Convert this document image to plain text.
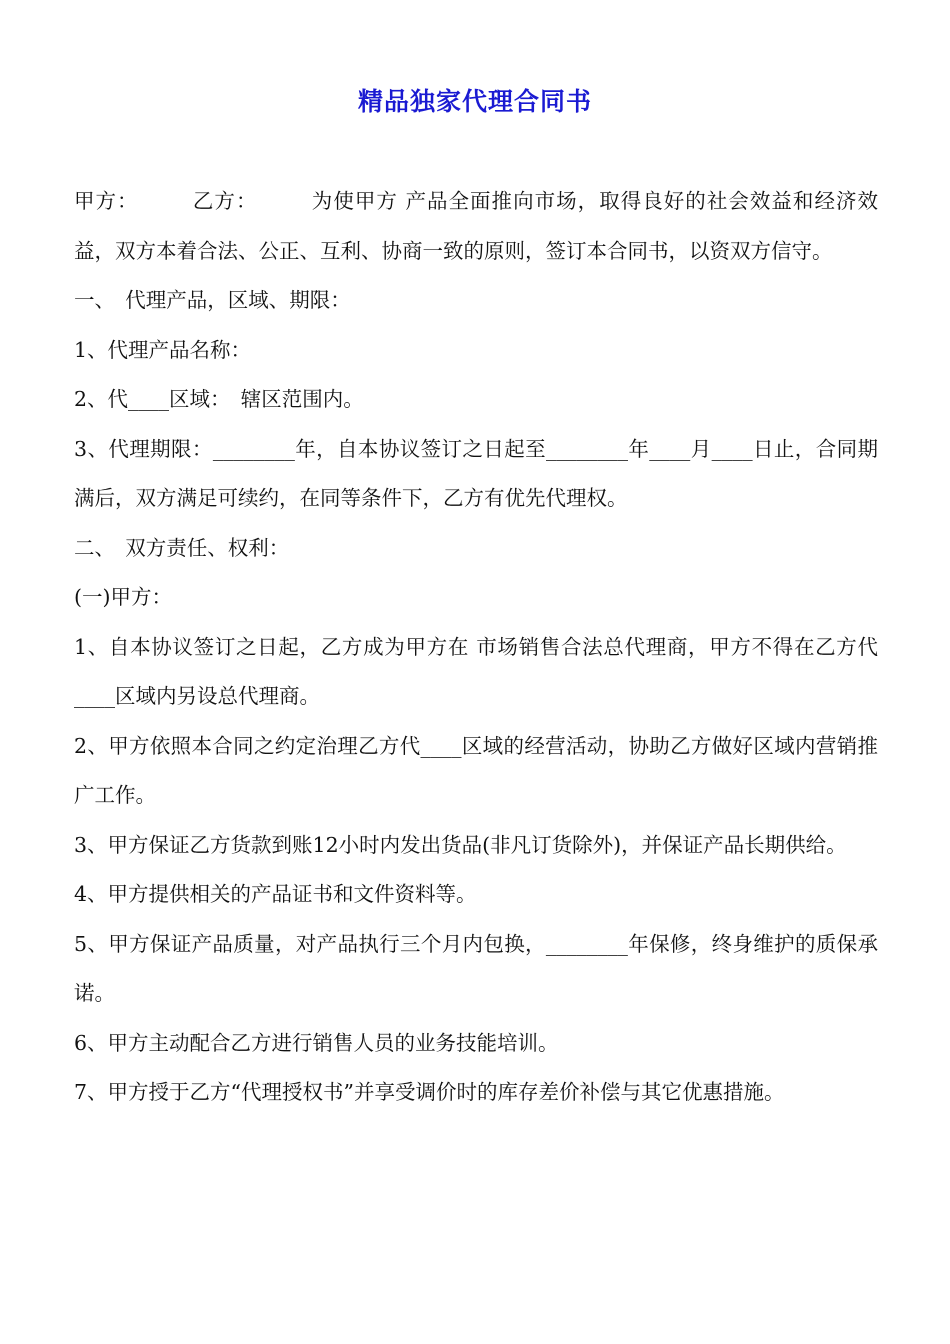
精品独家代理合同书

甲方：　　　乙方：　　　为使甲方 产品全面推向市场，取得良好的社会效益和经济效益，双方本着合法、公正、互利、协商一致的原则，签订本合同书，以资双方信守。

一、　代理产品，区域、期限：

1、代理产品名称：

2、代____区域：　辖区范围内。

3、代理期限：________年，自本协议签订之日起至________年____月____日止，合同期满后，双方满足可续约，在同等条件下，乙方有优先代理权。

二、　双方责任、权利：

(一)甲方：

1、自本协议签订之日起，乙方成为甲方在 市场销售合法总代理商，甲方不得在乙方代____区域内另设总代理商。

2、甲方依照本合同之约定治理乙方代____区域的经营活动，协助乙方做好区域内营销推广工作。

3、甲方保证乙方货款到账12小时内发出货品(非凡订货除外)，并保证产品长期供给。

4、甲方提供相关的产品证书和文件资料等。

5、甲方保证产品质量，对产品执行三个月内包换，________年保修，终身维护的质保承诺。

6、甲方主动配合乙方进行销售人员的业务技能培训。

7、甲方授于乙方“代理授权书”并享受调价时的库存差价补偿与其它优惠措施。
